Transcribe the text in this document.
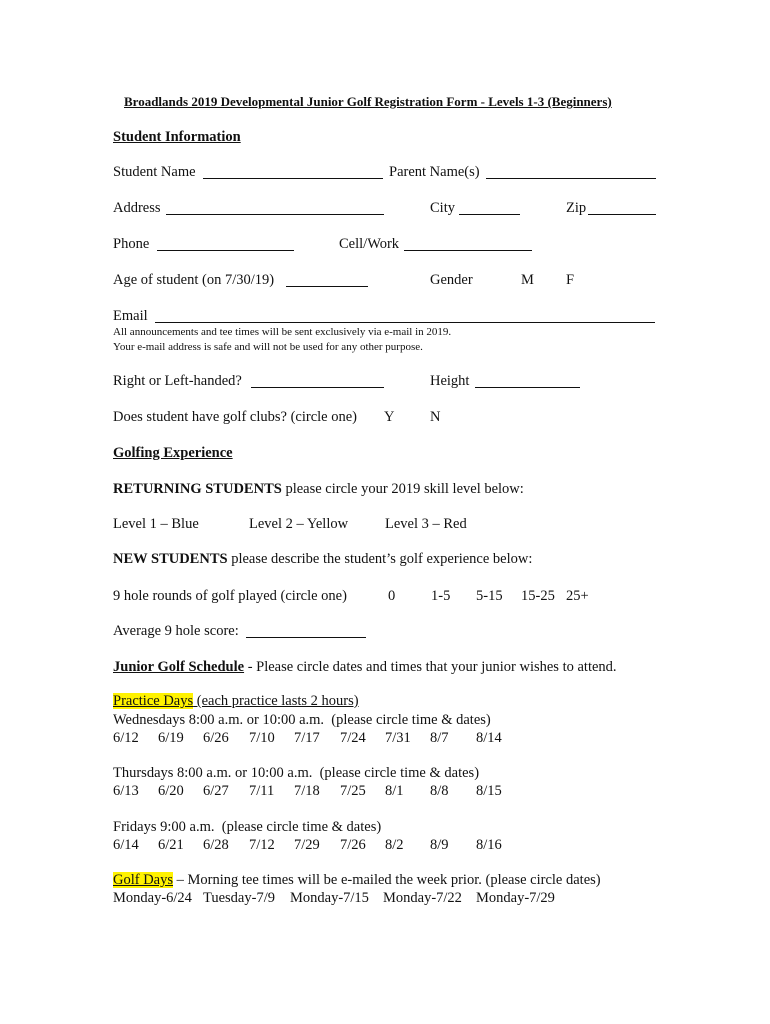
Broadlands 2019 Developmental Junior Golf Registration Form - Levels 1-3 (Beginners)
Student Information
Student Name	Parent Name(s)
Address	City	Zip
Phone	Cell/Work
Age of student (on 7/30/19)	Gender	M F
Email
All announcements and tee times will be sent exclusively via e-mail in 2019.
Your e-mail address is safe and will not be used for any other purpose.
Right or Left-handed?	Height
Does student have golf clubs? (circle one) Y N
Golfing Experience
RETURNING STUDENTS please circle your 2019 skill level below:
Level 1 – Blue	Level 2 – Yellow	Level 3 – Red
NEW STUDENTS please describe the student’s golf experience below:
9 hole rounds of golf played (circle one)	0 1-5 5-15 15-25 25+
Average 9 hole score:
Junior Golf Schedule - Please circle dates and times that your junior wishes to attend.
Practice Days (each practice lasts 2 hours)
Wednesdays 8:00 a.m. or 10:00 a.m.  (please circle time & dates)
6/12 6/19 6/26 7/10 7/17 7/24 7/31 8/7 8/14
Thursdays 8:00 a.m. or 10:00 a.m.  (please circle time & dates)
6/13 6/20 6/27 7/11 7/18 7/25 8/1 8/8 8/15
Fridays 9:00 a.m.  (please circle time & dates)
6/14 6/21 6/28 7/12 7/29 7/26 8/2 8/9 8/16
Golf Days – Morning tee times will be e-mailed the week prior. (please circle dates)
Monday-6/24 Tuesday-7/9 Monday-7/15 Monday-7/22 Monday-7/29
